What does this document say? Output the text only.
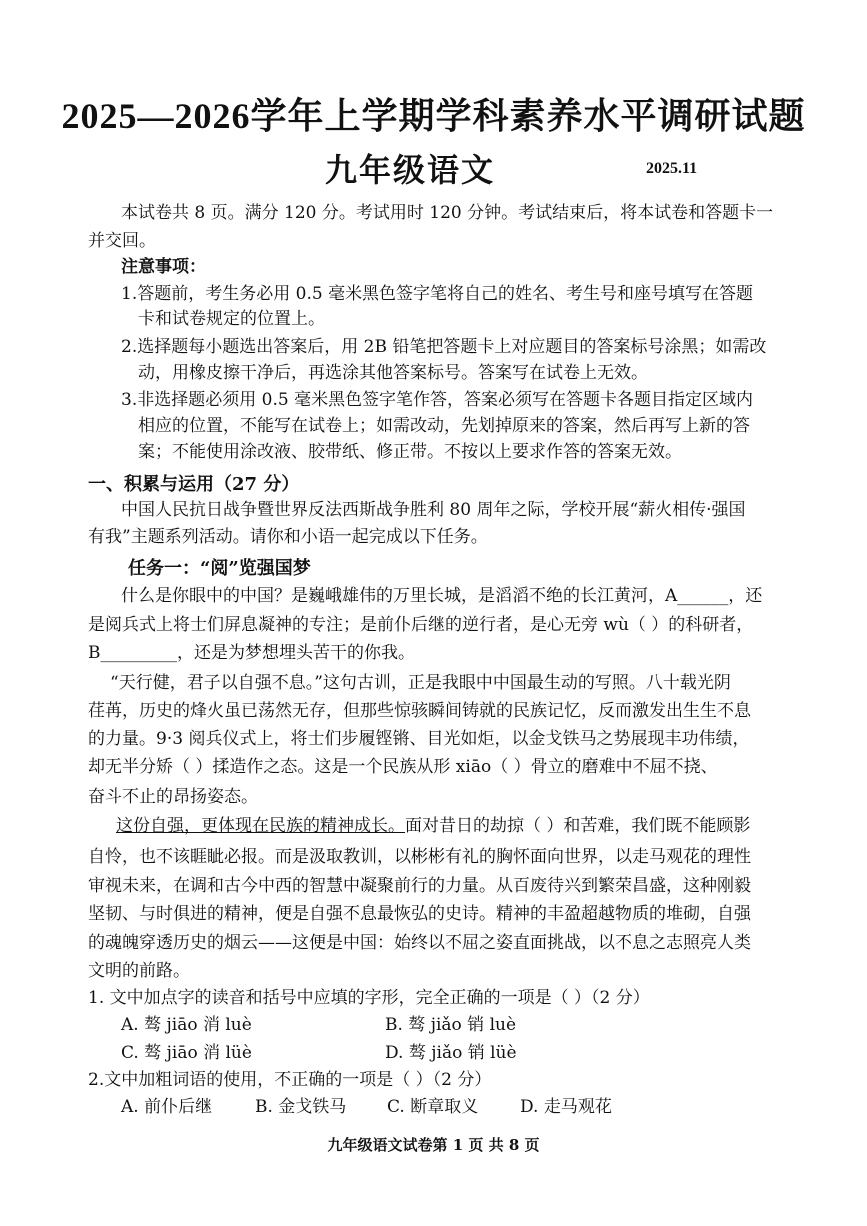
2025—2026学年上学期学科素养水平调研试题
九年级语文	2025.11
本试卷共 8 页。满分 120 分。考试用时 120 分钟。考试结束后，将本试卷和答题卡一
并交回。
注意事项：
1.答题前，考生务必用 0.5 毫米黑色签字笔将自己的姓名、考生号和座号填写在答题
卡和试卷规定的位置上。
2.选择题每小题选出答案后，用 2B 铅笔把答题卡上对应题目的答案标号涂黑；如需改
动，用橡皮擦干净后，再选涂其他答案标号。答案写在试卷上无效。
3.非选择题必须用 0.5 毫米黑色签字笔作答，答案必须写在答题卡各题目指定区域内
相应的位置，不能写在试卷上；如需改动，先划掉原来的答案，然后再写上新的答
案；不能使用涂改液、胶带纸、修正带。不按以上要求作答的答案无效。
一、积累与运用（27 分）
中国人民抗日战争暨世界反法西斯战争胜利 80 周年之际，学校开展“薪火相传·强国
有我”主题系列活动。请你和小语一起完成以下任务。
任务一：“阅”览强国梦
什么是你眼中的中国？是巍峨雄伟的万里长城，是滔滔不绝的长江黄河，A______，还
是阅兵式上将士们屏息凝神的专注；是前仆后继的逆行者，是心无旁 wù（ ）的科研者，
B_________，还是为梦想埋头苦干的你我。
“天行健，君子以自强不息。”这句古训，正是我眼中中国最生动的写照。八十载光阴
荏苒，历史的烽火虽已荡然无存，但那些惊骇瞬间铸就的民族记忆，反而激发出生生不息
的力量。9·3 阅兵仪式上，将士们步履铿锵、目光如炬，以金戈铁马之势展现丰功伟绩，
却无半分矫（ ）揉造作之态。这是一个民族从形 xiāo（ ）骨立的磨难中不屈不挠、
奋斗不止的昂扬姿态。
这份自强，更体现在民族的精神成长。面对昔日的劫掠（ ）和苦难，我们既不能顾影
自怜，也不该睚眦必报。而是汲取教训，以彬彬有礼的胸怀面向世界，以走马观花的理性
审视未来，在调和古今中西的智慧中凝聚前行的力量。从百废待兴到繁荣昌盛，这种刚毅
坚韧、与时俱进的精神，便是自强不息最恢弘的史诗。精神的丰盈超越物质的堆砌，自强
的魂魄穿透历史的烟云——这便是中国：始终以不屈之姿直面挑战，以不息之志照亮人类
文明的前路。
1. 文中加点字的读音和括号中应填的字形，完全正确的一项是（ ）（2 分）
A. 骜 jiāo 消 luè	B. 骜 jiǎo 销 luè
C. 骜 jiāo 消 lüè	D. 骜 jiǎo 销 lüè
2.文中加粗词语的使用，不正确的一项是（ ）（2 分）
A. 前仆后继	B. 金戈铁马 C. 断章取义 D. 走马观花
九年级语文试卷第 1 页 共 8 页
